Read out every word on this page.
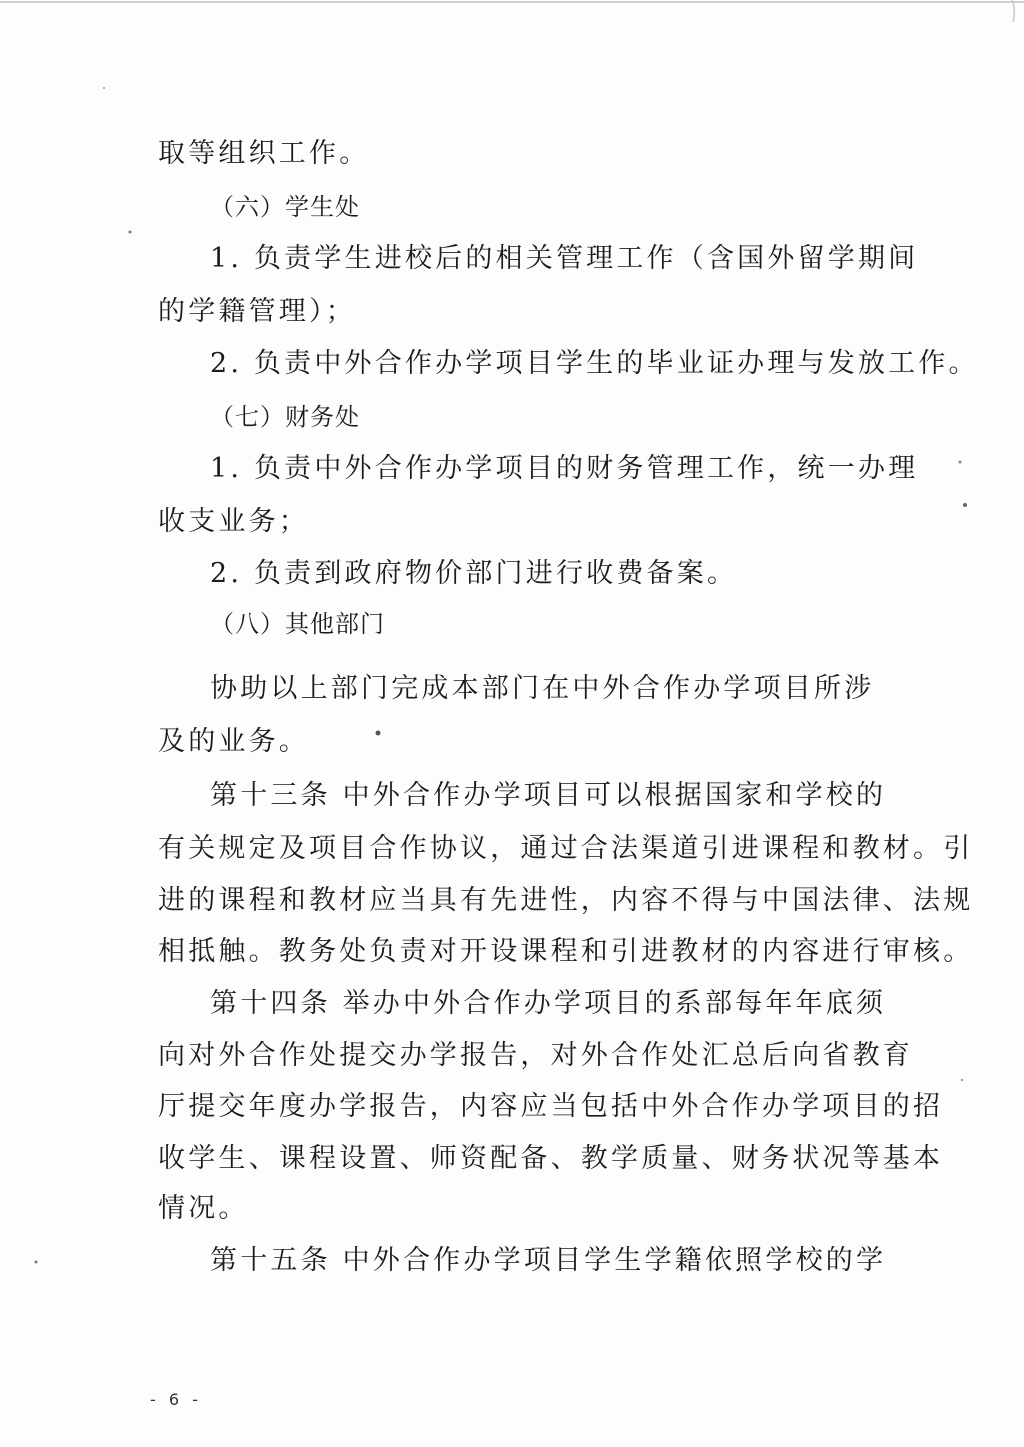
取等组织工作。
（六）学生处
1. 负责学生进校后的相关管理工作（含国外留学期间
的学籍管理）；
2. 负责中外合作办学项目学生的毕业证办理与发放工作。
（七）财务处
1. 负责中外合作办学项目的财务管理工作，统一办理
收支业务；
2. 负责到政府物价部门进行收费备案。
（八）其他部门
协助以上部门完成本部门在中外合作办学项目所涉
及的业务。
第十三条 中外合作办学项目可以根据国家和学校的
有关规定及项目合作协议，通过合法渠道引进课程和教材。引
进的课程和教材应当具有先进性，内容不得与中国法律、法规
相抵触。教务处负责对开设课程和引进教材的内容进行审核。
第十四条 举办中外合作办学项目的系部每年年底须
向对外合作处提交办学报告，对外合作处汇总后向省教育
厅提交年度办学报告，内容应当包括中外合作办学项目的招
收学生、课程设置、师资配备、教学质量、财务状况等基本
情况。
第十五条 中外合作办学项目学生学籍依照学校的学
- 6 -
